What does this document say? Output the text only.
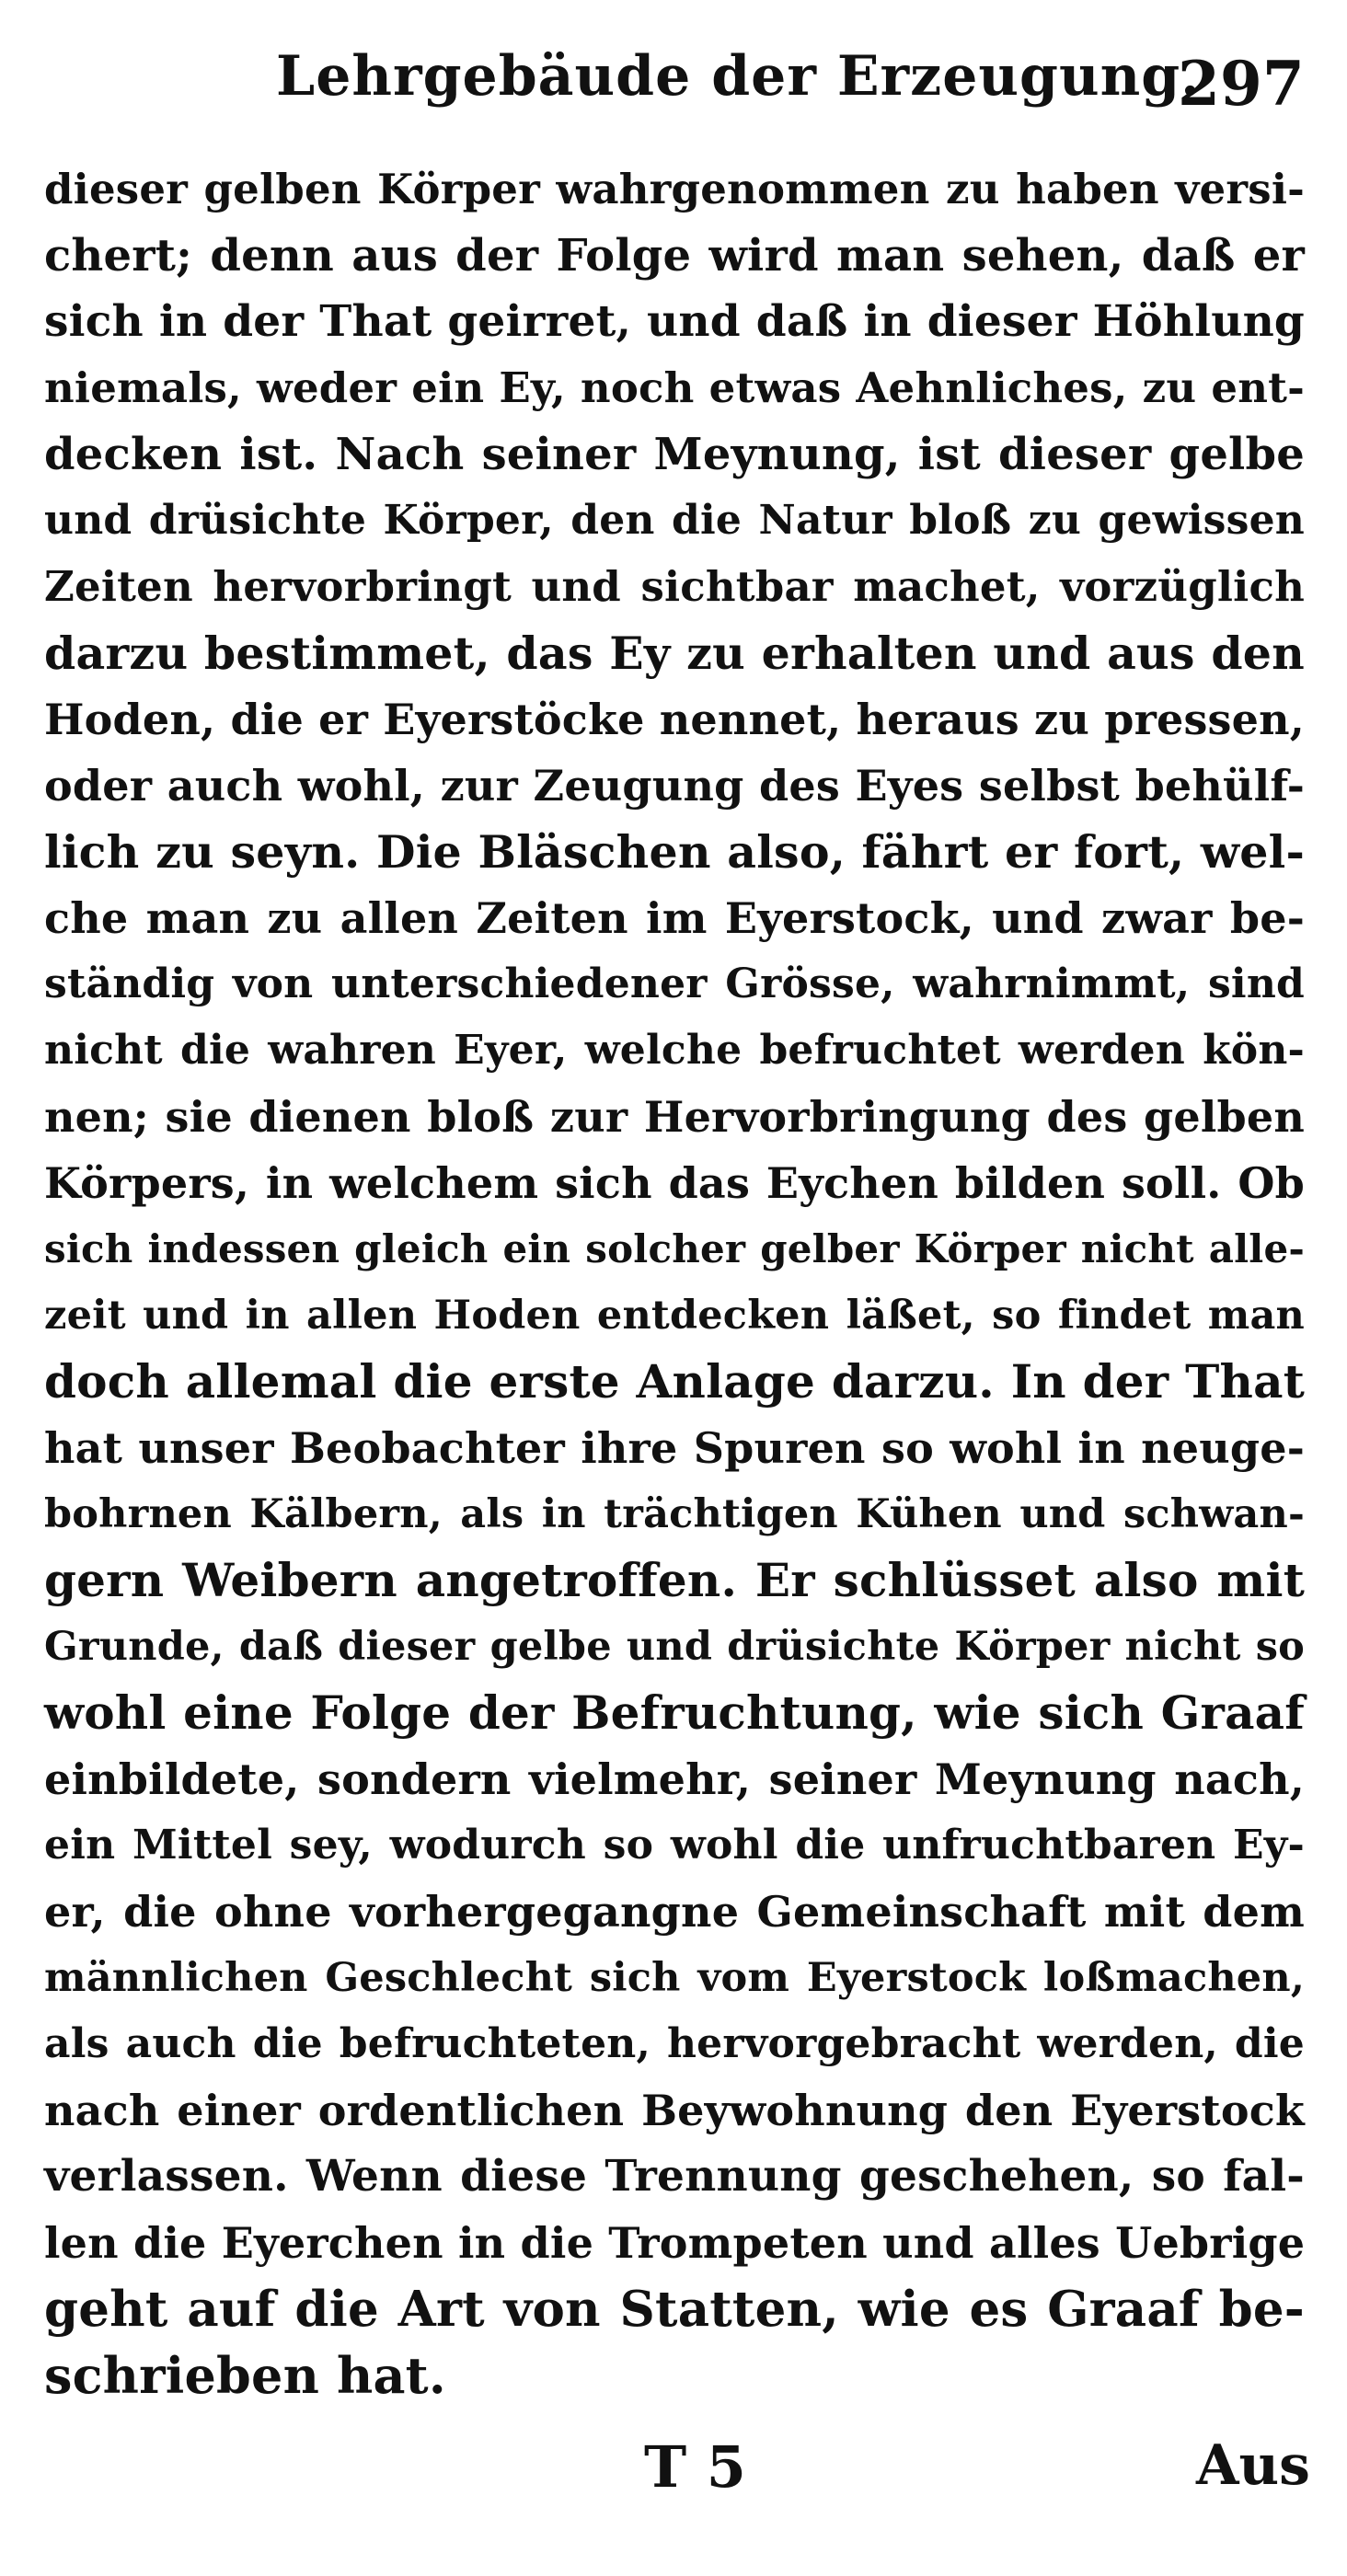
Lehrgebäude der Erzeugung.
297
dieser gelben Körper wahrgenommen zu haben versi-
chert; denn aus der Folge wird man sehen, daß er
sich in der That geirret, und daß in dieser Höhlung
niemals, weder ein Ey, noch etwas Aehnliches, zu ent-
decken ist. Nach seiner Meynung, ist dieser gelbe
und drüsichte Körper, den die Natur bloß zu gewissen
Zeiten hervorbringt und sichtbar machet, vorzüglich
darzu bestimmet, das Ey zu erhalten und aus den
Hoden, die er Eyerstöcke nennet, heraus zu pressen,
oder auch wohl, zur Zeugung des Eyes selbst behülf-
lich zu seyn. Die Bläschen also, fährt er fort, wel-
che man zu allen Zeiten im Eyerstock, und zwar be-
ständig von unterschiedener Grösse, wahrnimmt, sind
nicht die wahren Eyer, welche befruchtet werden kön-
nen; sie dienen bloß zur Hervorbringung des gelben
Körpers, in welchem sich das Eychen bilden soll. Ob
sich indessen gleich ein solcher gelber Körper nicht alle-
zeit und in allen Hoden entdecken läßet, so findet man
doch allemal die erste Anlage darzu. In der That
hat unser Beobachter ihre Spuren so wohl in neuge-
bohrnen Kälbern, als in trächtigen Kühen und schwan-
gern Weibern angetroffen. Er schlüsset also mit
Grunde, daß dieser gelbe und drüsichte Körper nicht so
wohl eine Folge der Befruchtung, wie sich Graaf
einbildete, sondern vielmehr, seiner Meynung nach,
ein Mittel sey, wodurch so wohl die unfruchtbaren Ey-
er, die ohne vorhergegangne Gemeinschaft mit dem
männlichen Geschlecht sich vom Eyerstock loßmachen,
als auch die befruchteten, hervorgebracht werden, die
nach einer ordentlichen Beywohnung den Eyerstock
verlassen. Wenn diese Trennung geschehen, so fal-
len die Eyerchen in die Trompeten und alles Uebrige
geht auf die Art von Statten, wie es Graaf be-
schrieben hat.
T 5	Aus
